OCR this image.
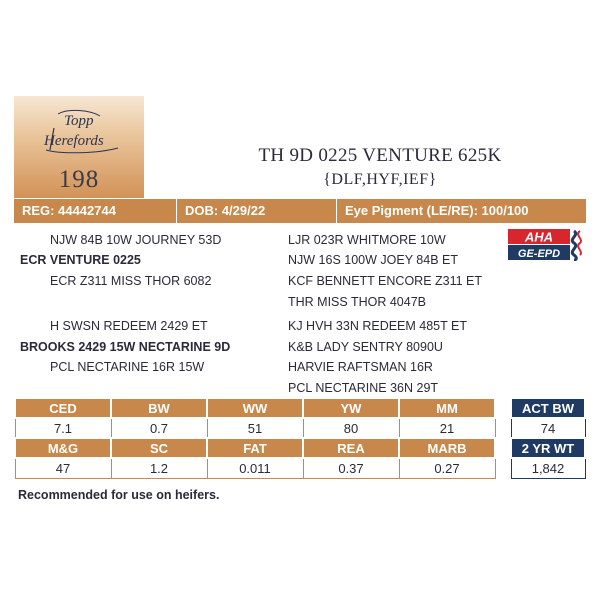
Topp
Herefords
198
TH 9D 0225 VENTURE 625K
{DLF,HYF,IEF}
REG: 44442744	DOB: 4/29/22	Eye Pigment (LE/RE): 100/100
NJW 84B 10W JOURNEY 53D
ECR VENTURE 0225
ECR Z311 MISS THOR 6082
H SWSN REDEEM 2429 ET
BROOKS 2429 15W NECTARINE 9D
PCL NECTARINE 16R 15W
LJR 023R WHITMORE 10W
NJW 16S 100W JOEY 84B ET
KCF BENNETT ENCORE Z311 ET
THR MISS THOR 4047B
KJ HVH 33N REDEEM 485T ET
K&B LADY SENTRY 8090U
HARVIE RAFTSMAN 16R
PCL NECTARINE 36N 29T
AHA
GE-EPD
CED	BW	WW	YW	MM
7.1	0.7	51	80	21
M&G	SC	FAT	REA	MARB
47	1.2	0.011	0.37	0.27
ACT BW
74
2 YR WT
1,842
Recommended for use on heifers.
